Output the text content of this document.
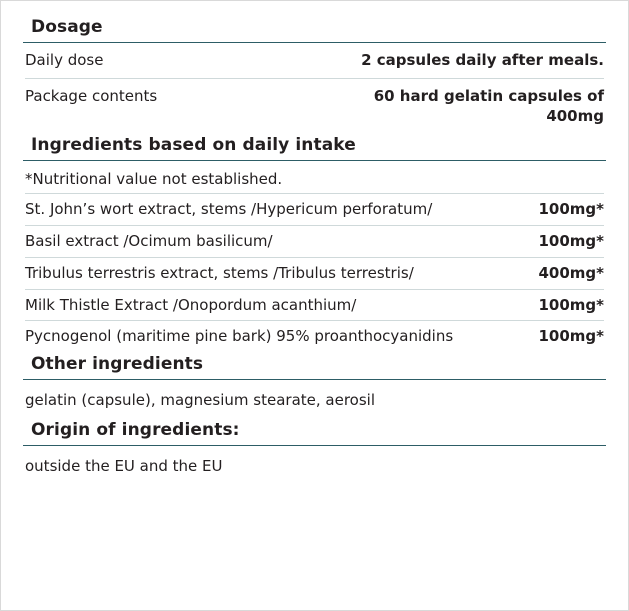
Dosage
Daily dose	2 capsules daily after meals.
Package contents	60 hard gelatin capsules of 400mg
Ingredients based on daily intake
*Nutritional value not established.
St. John’s wort extract, stems /Hypericum perforatum/	100mg*
Basil extract /Ocimum basilicum/	100mg*
Tribulus terrestris extract, stems /Tribulus terrestris/	400mg*
Milk Thistle Extract /Onopordum acanthium/	100mg*
Pycnogenol (maritime pine bark) 95% proanthocyanidins	100mg*
Other ingredients
gelatin (capsule), magnesium stearate, aerosil
Origin of ingredients:
outside the EU and the EU
